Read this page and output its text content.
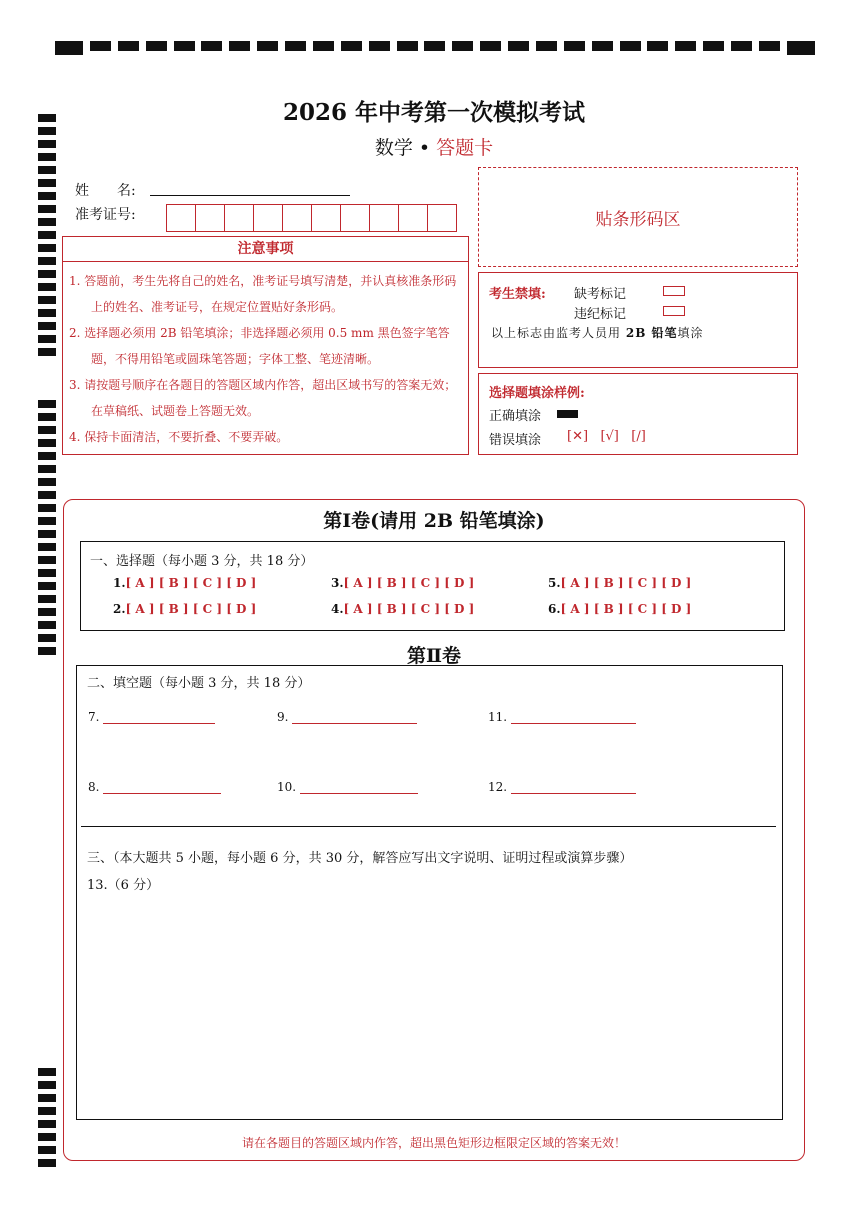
2026 年中考第一次模拟考试
数学 • 答题卡
姓　　名:
准考证号:
注意事项
1. 答题前，考生先将自己的姓名，准考证号填写清楚，并认真核准条形码上的姓名、准考证号，在规定位置贴好条形码。
2. 选择题必须用 2B 铅笔填涂；非选择题必须用 0.5 mm 黑色签字笔答题，不得用铅笔或圆珠笔答题；字体工整、笔迹清晰。
3. 请按题号顺序在各题目的答题区域内作答，超出区域书写的答案无效；在草稿纸、试题卷上答题无效。
4. 保持卡面清洁，不要折叠、不要弄破。
贴条形码区
考生禁填: 缺考标记
违纪标记
以上标志由监考人员用 2B 铅笔填涂
选择题填涂样例:
正确填涂
错误填涂 [✕] [√] [/]
第Ⅰ卷(请用 2B 铅笔填涂)
一、选择题（每小题 3 分，共 18 分）
1.[ A ] [ B ] [ C ] [ D ]	3.[ A ] [ B ] [ C ] [ D ]	5.[ A ] [ B ] [ C ] [ D ]
2.[ A ] [ B ] [ C ] [ D ]	4.[ A ] [ B ] [ C ] [ D ]	6.[ A ] [ B ] [ C ] [ D ]
第Ⅱ卷
二、填空题（每小题 3 分，共 18 分）
7.	9.	11.
8.	10.	12.
三、（本大题共 5 小题，每小题 6 分，共 30 分，解答应写出文字说明、证明过程或演算步骤）
13.（6 分）
请在各题目的答题区域内作答，超出黑色矩形边框限定区域的答案无效！
